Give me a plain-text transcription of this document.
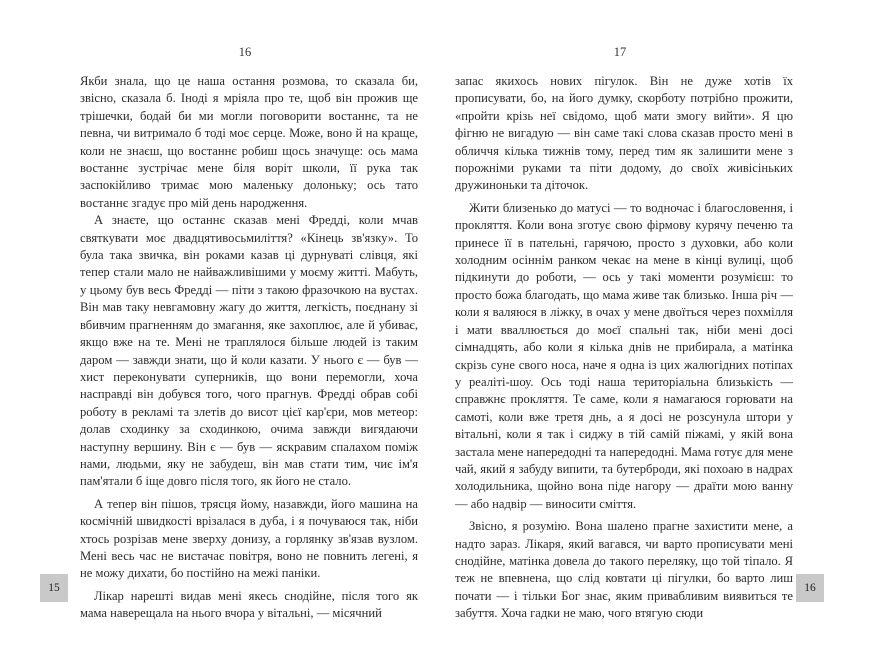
16	17

Якби знала, що це наша остання розмова, то сказала би, звісно, сказала б. Іноді я мріяла про те, щоб він прожив ще трішечки, бодай би ми могли поговорити востаннє, та не певна, чи витримало б тоді моє серце. Може, воно й на краще, коли не знаєш, що востаннє робиш щось значуще: ось мама востаннє зустрічає мене біля воріт школи, її рука так заспокійливо тримає мою маленьку долоньку; ось тато востаннє згадує про мій день народження.

А знаєте, що останнє сказав мені Фредді, коли мчав святкувати моє двадцятивосьмиліття? «Кінець зв'язку». То була така звичка, він роками казав ці дурнуваті слівця, які тепер стали мало не найважливішими у моєму житті. Мабуть, у цьому був весь Фредді — піти з такою фразочкою на вустах. Він мав таку невгамовну жагу до життя, легкість, поєднану зі вбивчим прагненням до змагання, яке захоплює, але й убиває, якщо вже на те. Мені не траплялося більше людей із таким даром — завжди знати, що й коли казати. У нього є — був — хист переконувати суперників, що вони перемогли, хоча насправді він добувся того, чого прагнув. Фредді обрав собі роботу в рекламі та злетів до висот цієї кар'єри, мов метеор: долав сходинку за сходинкою, очима завжди вигядаючи наступну вершину. Він є — був — яскравим спалахом поміж нами, людьми, яку не забудеш, він мав стати тим, чиє ім'я пам'ятали б іще довго після того, як його не стало.

А тепер він пішов, трясця йому, назавжди, його машина на космічній швидкості врізалася в дуба, і я почуваюся так, ніби хтось розрізав мене зверху донизу, а горлянку зв'язав вузлом. Мені весь час не вистачає повітря, воно не повнить легені, я не можу дихати, бо постійно на межі паніки.

Лікар нарешті видав мені якесь снодійне, після того як мама наверещала на нього вчора у вітальні, — місячний

запас якихось нових пігулок. Він не дуже хотів їх прописувати, бо, на його думку, скорботу потрібно прожити, «пройти крізь неї свідомо, щоб мати змогу вийти». Я цю фігню не вигадую — він саме такі слова сказав просто мені в обличчя кілька тижнів тому, перед тим як залишити мене з порожніми руками та піти додому, до своїх живісіньких дружиноньки та діточок.

Жити близенько до матусі — то водночас і благословення, і прокляття. Коли вона зготує свою фірмову курячу печеню та принесе її в пательні, гарячою, просто з духовки, або коли холодним осіннім ранком чекає на мене в кінці вулиці, щоб підкинути до роботи, — ось у такі моменти розумієш: то просто божа благодать, що мама живе так близько. Інша річ — коли я валяюся в ліжку, в очах у мене двоїться через похмілля і мати вваллюється до моєї спальні так, ніби мені досі сімнадцять, або коли я кілька днів не прибирала, а матінка скрізь суне свого носа, наче я одна із цих жалюгідних потіпах у реаліті-шоу. Ось тоді наша територіальна близькість — справжнє прокляття. Те саме, коли я намагаюся горювати на самоті, коли вже третя днь, а я досі не розсунула штори у вітальні, коли я так і сиджу в тій самій піжамі, у якій вона застала мене напередодні та напередодні. Мама готує для мене чай, який я забуду випити, та бутерброди, які похоаю в надрах холодильника, щойно вона піде нагору — драїти мою ванну — або надвір — виносити сміття.

Звісно, я розумію. Вона шалено прагне захистити мене, а надто зараз. Лікаря, який вагався, чи варто прописувати мені снодійне, матінка довела до такого переляку, що той тіпало. Я теж не впевнена, що слід ковтати ці пігулки, бо варто лиш почати — і тільки Бог знає, яким привабливим виявиться те забуття. Хоча гадки не маю, чого втягую сюди

15	16
